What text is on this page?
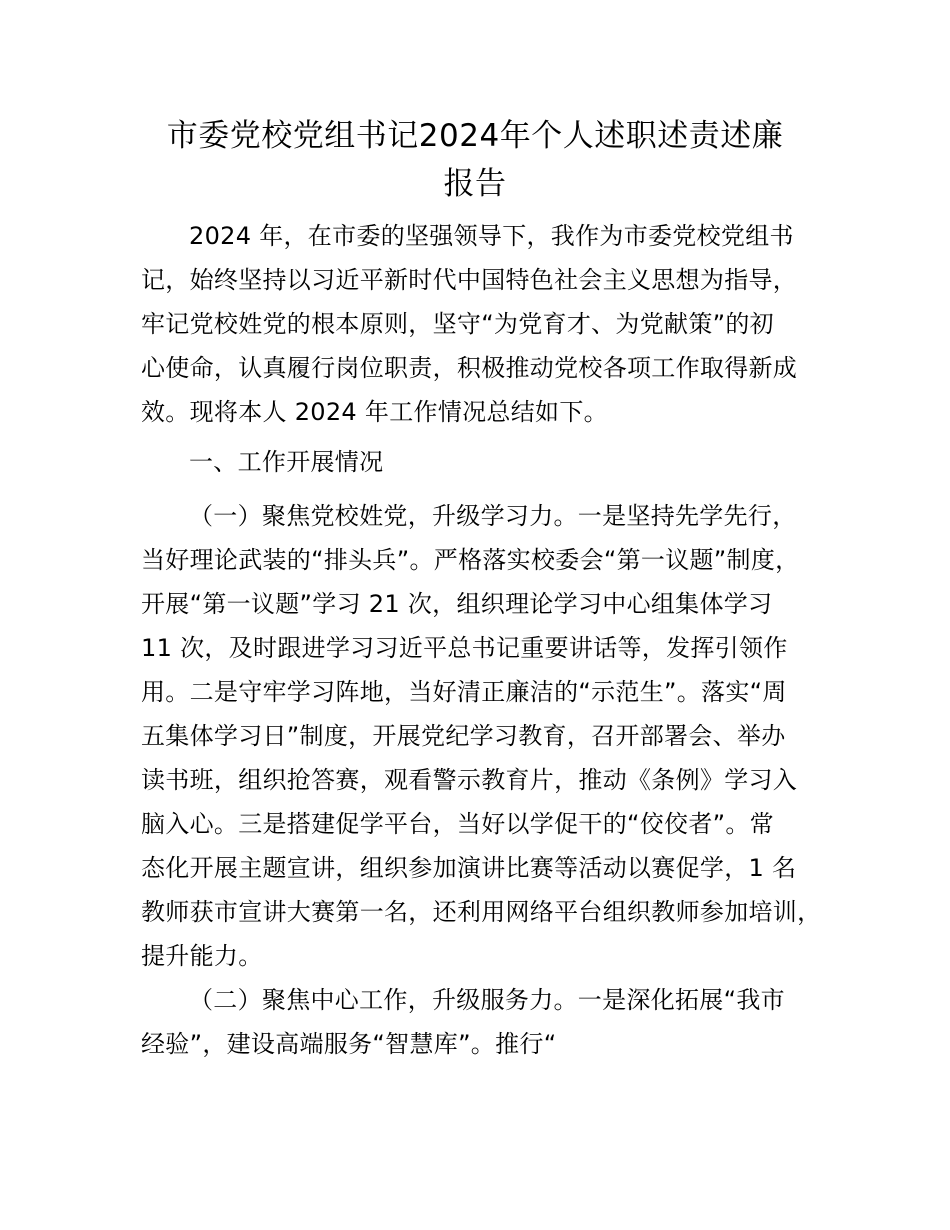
市委党校党组书记2024年个人述职述责述廉
报告

2024 年，在市委的坚强领导下，我作为市委党校党组书
记，始终坚持以习近平新时代中国特色社会主义思想为指导，
牢记党校姓党的根本原则，坚守“为党育才、为党献策”的初
心使命，认真履行岗位职责，积极推动党校各项工作取得新成
效。现将本人 2024 年工作情况总结如下。

一、工作开展情况

（一）聚焦党校姓党，升级学习力。一是坚持先学先行，
当好理论武装的“排头兵”。严格落实校委会“第一议题”制度，
开展“第一议题”学习 21 次，组织理论学习中心组集体学习
11 次，及时跟进学习习近平总书记重要讲话等，发挥引领作
用。二是守牢学习阵地，当好清正廉洁的“示范生”。落实“周
五集体学习日”制度，开展党纪学习教育，召开部署会、举办
读书班，组织抢答赛，观看警示教育片，推动《条例》学习入
脑入心。三是搭建促学平台，当好以学促干的“佼佼者”。常
态化开展主题宣讲，组织参加演讲比赛等活动以赛促学，1 名
教师获市宣讲大赛第一名，还利用网络平台组织教师参加培训，
提升能力。

（二）聚焦中心工作，升级服务力。一是深化拓展“我市
经验”，建设高端服务“智慧库”。推行“
